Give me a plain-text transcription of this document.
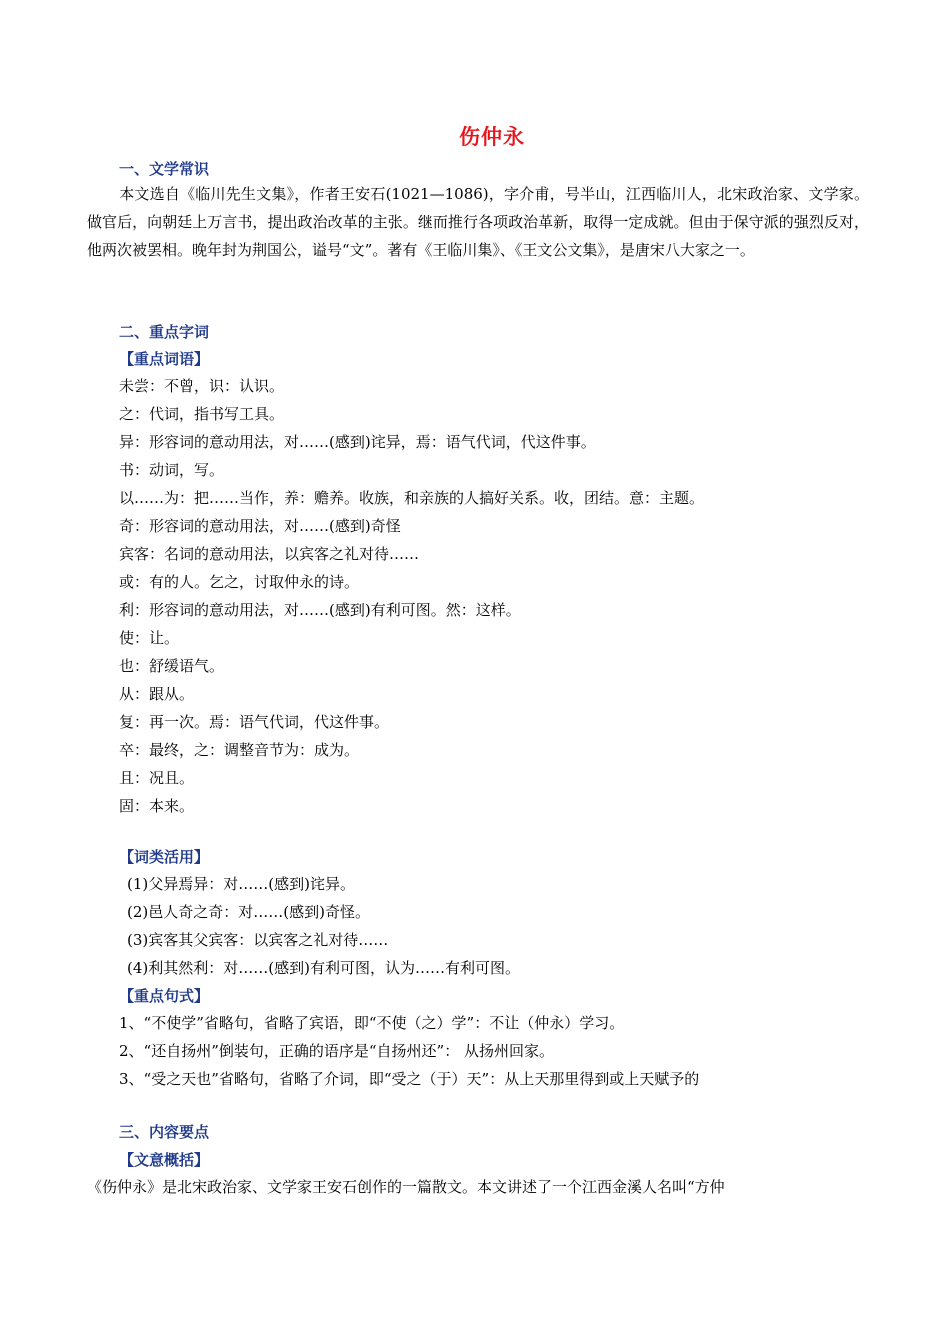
伤仲永
一、文学常识

本文选自《临川先生文集》，作者王安石(1021—1086)，字介甫，号半山，江西临川人，北宋政治家、文学家。做官后，向朝廷上万言书，提出政治改革的主张。继而推行各项政治革新，取得一定成就。但由于保守派的强烈反对，他两次被罢相。晚年封为荆国公，谥号“文”。著有《王临川集》、《王文公文集》，是唐宋八大家之一。

二、重点字词
【重点词语】
未尝：不曾，识：认识。
之：代词，指书写工具。
异：形容词的意动用法，对……(感到)诧异，焉：语气代词，代这件事。
书：动词，写。
以……为：把……当作，养：赡养。收族，和亲族的人搞好关系。收，团结。意：主题。
奇：形容词的意动用法，对……(感到)奇怪
宾客：名词的意动用法，以宾客之礼对待……
或：有的人。乞之，讨取仲永的诗。
利：形容词的意动用法，对……(感到)有利可图。然：这样。
使：让。
也：舒缓语气。
从：跟从。
复：再一次。焉：语气代词，代这件事。
卒：最终，之：调整音节为：成为。
且：况且。
固：本来。
【词类活用】
(1)父异焉异：对……(感到)诧异。
(2)邑人奇之奇：对……(感到)奇怪。
(3)宾客其父宾客：以宾客之礼对待……
(4)利其然利：对……(感到)有利可图，认为……有利可图。
【重点句式】
1、“不使学”省略句，省略了宾语，即“不使（之）学”：不让（仲永）学习。
2、“还自扬州”倒装句，正确的语序是“自扬州还”： 从扬州回家。
3、“受之天也”省略句，省略了介词，即“受之（于）天”：从上天那里得到或上天赋予的
三、内容要点
【文意概括】
《伤仲永》是北宋政治家、文学家王安石创作的一篇散文。本文讲述了一个江西金溪人名叫“方仲
